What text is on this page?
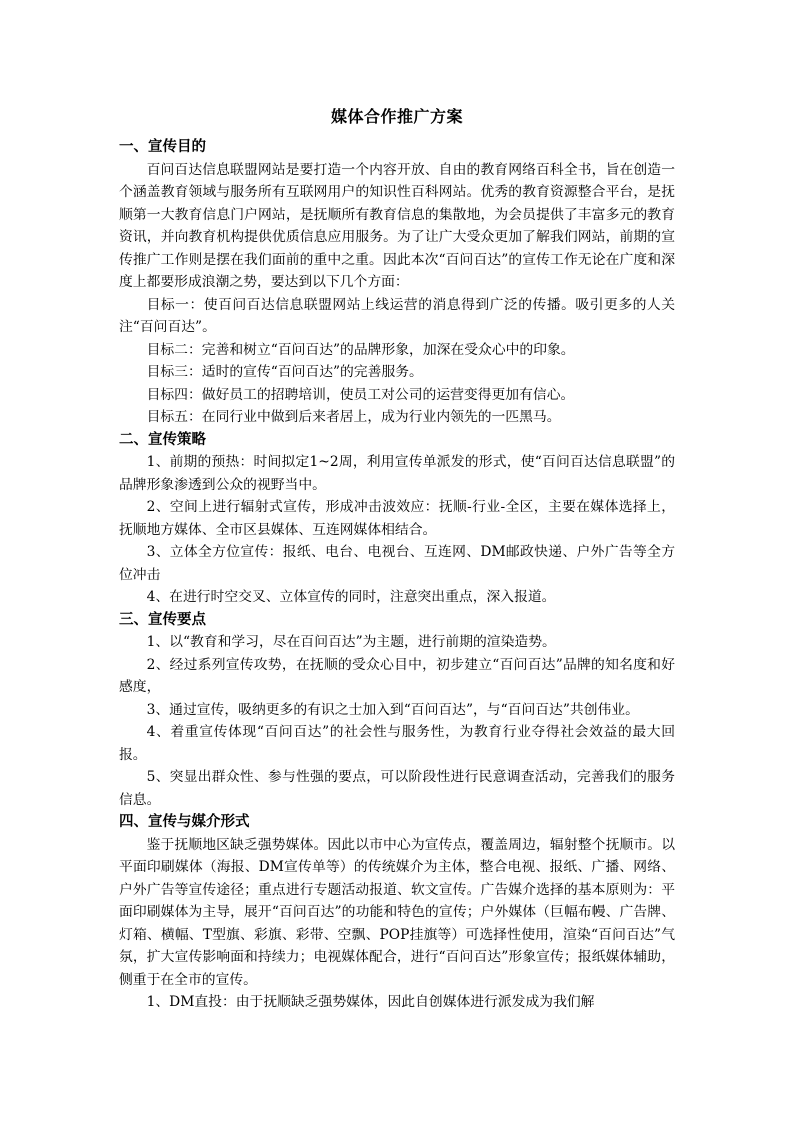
媒体合作推广方案
一、宣传目的

百问百达信息联盟网站是要打造一个内容开放、自由的教育网络百科全书，旨在创造一个涵盖教育领域与服务所有互联网用户的知识性百科网站。优秀的教育资源整合平台，是抚顺第一大教育信息门户网站，是抚顺所有教育信息的集散地，为会员提供了丰富多元的教育资讯，并向教育机构提供优质信息应用服务。为了让广大受众更加了解我们网站，前期的宣传推广工作则是摆在我们面前的重中之重。因此本次“百问百达”的宣传工作无论在广度和深度上都要形成浪潮之势，要达到以下几个方面：

目标一：使百问百达信息联盟网站上线运营的消息得到广泛的传播。吸引更多的人关注“百问百达”。

目标二：完善和树立“百问百达”的品牌形象，加深在受众心中的印象。

目标三：适时的宣传“百问百达”的完善服务。

目标四：做好员工的招聘培训，使员工对公司的运营变得更加有信心。

目标五：在同行业中做到后来者居上，成为行业内领先的一匹黑马。

二、宣传策略

1、前期的预热：时间拟定1~2周，利用宣传单派发的形式，使“百问百达信息联盟”的品牌形象渗透到公众的视野当中。

2、空间上进行辐射式宣传，形成冲击波效应：抚顺-行业-全区，主要在媒体选择上，抚顺地方媒体、全市区县媒体、互连网媒体相结合。

3、立体全方位宣传：报纸、电台、电视台、互连网、DM邮政快递、户外广告等全方位冲击

4、在进行时空交叉、立体宣传的同时，注意突出重点，深入报道。

三、宣传要点

1、以“教育和学习，尽在百问百达”为主题，进行前期的渲染造势。

2、经过系列宣传攻势，在抚顺的受众心目中，初步建立“百问百达”品牌的知名度和好感度，

3、通过宣传，吸纳更多的有识之士加入到“百问百达”，与“百问百达”共创伟业。

4、着重宣传体现“百问百达”的社会性与服务性，为教育行业夺得社会效益的最大回报。

5、突显出群众性、参与性强的要点，可以阶段性进行民意调查活动，完善我们的服务信息。

四、宣传与媒介形式

鉴于抚顺地区缺乏强势媒体。因此以市中心为宣传点，覆盖周边，辐射整个抚顺市。以平面印刷媒体（海报、DM宣传单等）的传统媒介为主体，整合电视、报纸、广播、网络、户外广告等宣传途径；重点进行专题活动报道、软文宣传。广告媒介选择的基本原则为：平面印刷媒体为主导，展开“百问百达”的功能和特色的宣传；户外媒体（巨幅布幔、广告牌、灯箱、横幅、T型旗、彩旗、彩带、空飘、POP挂旗等）可选择性使用，渲染“百问百达”气氛，扩大宣传影响面和持续力；电视媒体配合，进行“百问百达”形象宣传；报纸媒体辅助，侧重于在全市的宣传。

1、DM直投：由于抚顺缺乏强势媒体，因此自创媒体进行派发成为我们解
